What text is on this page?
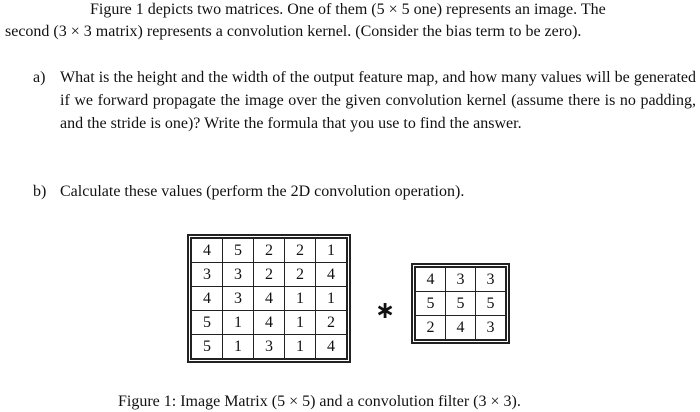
Figure 1 depicts two matrices. One of them (5 × 5 one) represents an image. The
second (3 × 3 matrix) represents a convolution kernel. (Consider the bias term to be zero).
a) What is the height and the width of the output feature map, and how many values will be generated if we forward propagate the image over the given convolution kernel (assume there is no padding, and the stride is one)? Write the formula that you use to find the answer.
b) Calculate these values (perform the 2D convolution operation).
4	5	2	2	1
3	3	2	2	4
4	3	4	1	1
5	1	4	1	2
5	1	3	1	4
∗
4	3	3
5	5	5
2	4	3
Figure 1: Image Matrix (5 × 5) and a convolution filter (3 × 3).
